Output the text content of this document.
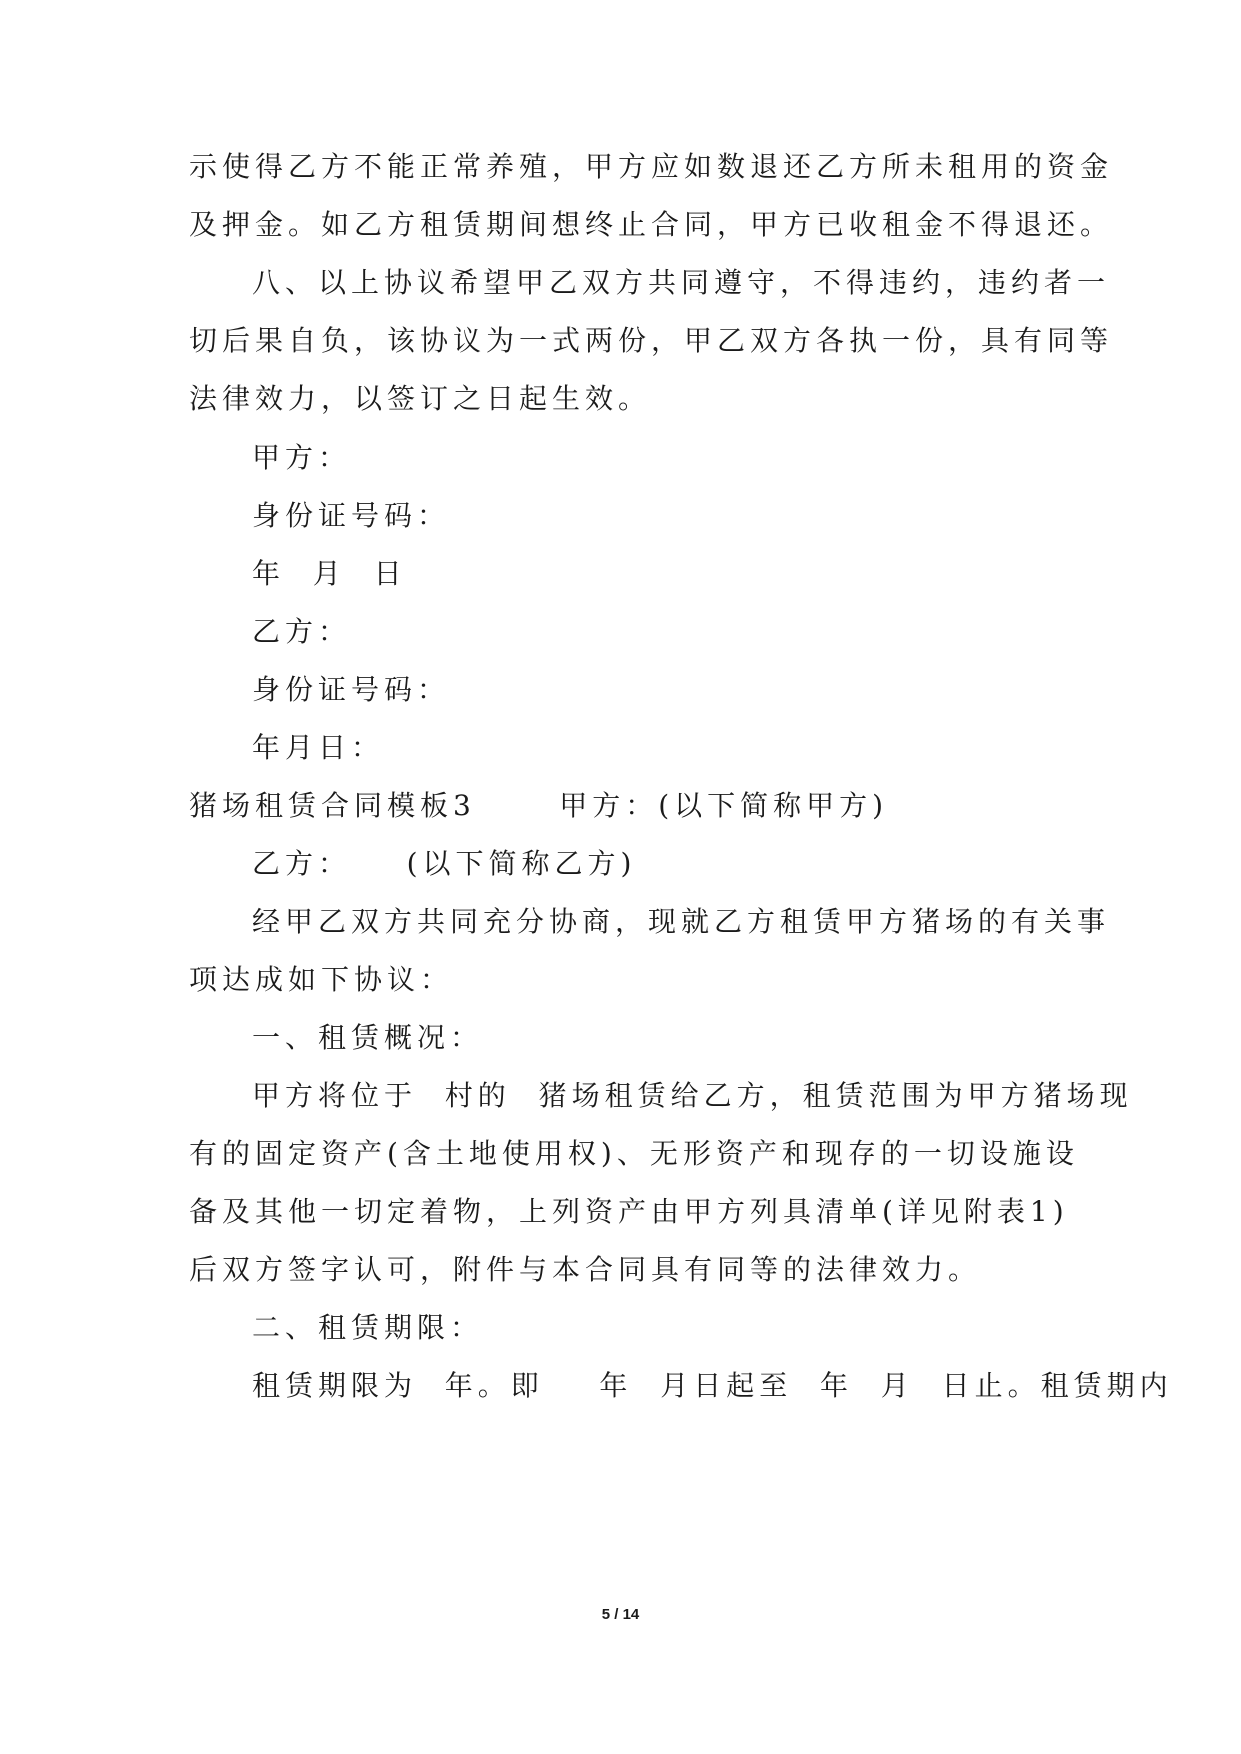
示使得乙方不能正常养殖，甲方应如数退还乙方所未租用的资金
及押金。如乙方租赁期间想终止合同，甲方已收租金不得退还。
八、以上协议希望甲乙双方共同遵守，不得违约，违约者一
切后果自负，该协议为一式两份，甲乙双方各执一份，具有同等
法律效力，以签订之日起生效。
甲方：
身份证号码：
年  月  日
乙方：
身份证号码：
年月日：
猪场租赁合同模板3      甲方：(以下简称甲方)
乙方：    (以下简称乙方)
经甲乙双方共同充分协商，现就乙方租赁甲方猪场的有关事
项达成如下协议：
一、租赁概况：
甲方将位于  村的  猪场租赁给乙方，租赁范围为甲方猪场现
有的固定资产(含土地使用权)、无形资产和现存的一切设施设
备及其他一切定着物，上列资产由甲方列具清单(详见附表1)
后双方签字认可，附件与本合同具有同等的法律效力。
二、租赁期限：
租赁期限为  年。即    年  月日起至  年  月  日止。租赁期内
5 / 14
